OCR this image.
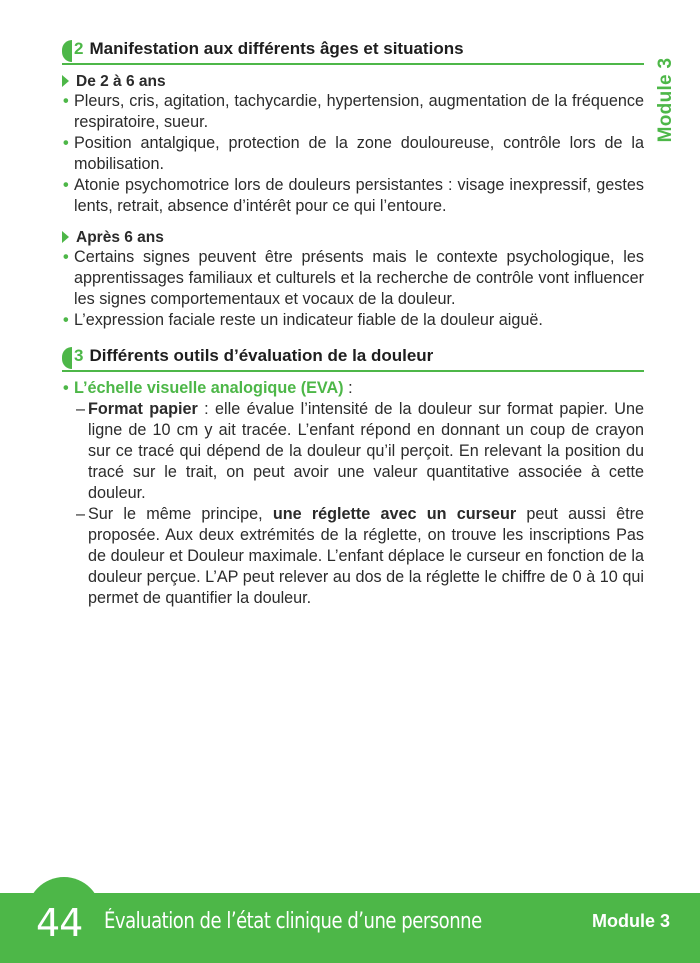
Module 3
2 Manifestation aux différents âges et situations
De 2 à 6 ans
• Pleurs, cris, agitation, tachycardie, hypertension, augmentation de la fréquence respiratoire, sueur.
• Position antalgique, protection de la zone douloureuse, contrôle lors de la mobilisation.
• Atonie psychomotrice lors de douleurs persistantes : visage inexpressif, gestes lents, retrait, absence d’intérêt pour ce qui l’entoure.
Après 6 ans
• Certains signes peuvent être présents mais le contexte psychologique, les apprentissages familiaux et culturels et la recherche de contrôle vont influencer les signes comportementaux et vocaux de la douleur.
• L’expression faciale reste un indicateur fiable de la douleur aiguë.
3 Différents outils d’évaluation de la douleur
• L’échelle visuelle analogique (EVA) :
– Format papier : elle évalue l’intensité de la douleur sur format papier. Une ligne de 10 cm y ait tracée. L’enfant répond en donnant un coup de crayon sur ce tracé qui dépend de la douleur qu’il perçoit. En relevant la position du tracé sur le trait, on peut avoir une valeur quantitative associée à cette douleur.
– Sur le même principe, une réglette avec un curseur peut aussi être proposée. Aux deux extrémités de la réglette, on trouve les inscriptions Pas de douleur et Douleur maximale. L’enfant déplace le curseur en fonction de la douleur perçue. L’AP peut relever au dos de la réglette le chiffre de 0 à 10 qui permet de quantifier la douleur.
44 Évaluation de l’état clinique d’une personne	Module 3
